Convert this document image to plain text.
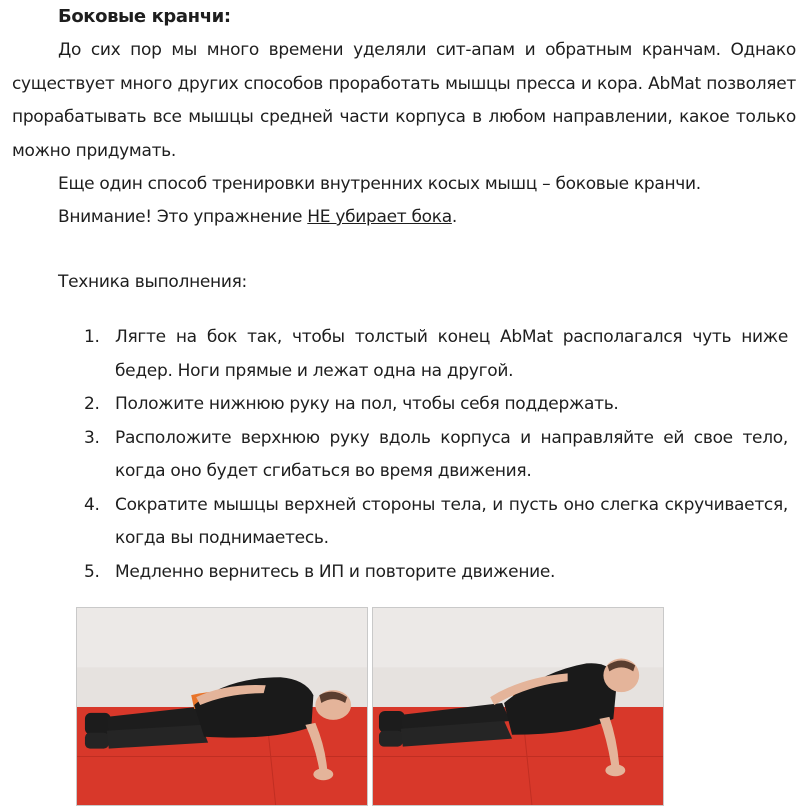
Боковые кранчи:

До сих пор мы много времени уделяли сит-апам и обратным кранчам. Однако существует много других способов проработать мышцы пресса и кора. AbMat позволяет прорабатывать все мышцы средней части корпуса в любом направлении, какое только можно придумать.

Еще один способ тренировки внутренних косых мышц – боковые кранчи.
Внимание! Это упражнение НЕ убирает бока.
Техника выполнения:
1. Лягте на бок так, чтобы толстый конец AbMat располагался чуть ниже бедер. Ноги прямые и лежат одна на другой.
2. Положите нижнюю руку на пол, чтобы себя поддержать.
3. Расположите верхнюю руку вдоль корпуса и направляйте ей свое тело, когда оно будет сгибаться во время движения.
4. Сократите мышцы верхней стороны тела, и пусть оно слегка скручивается, когда вы поднимаетесь.
5. Медленно вернитесь в ИП и повторите движение.
